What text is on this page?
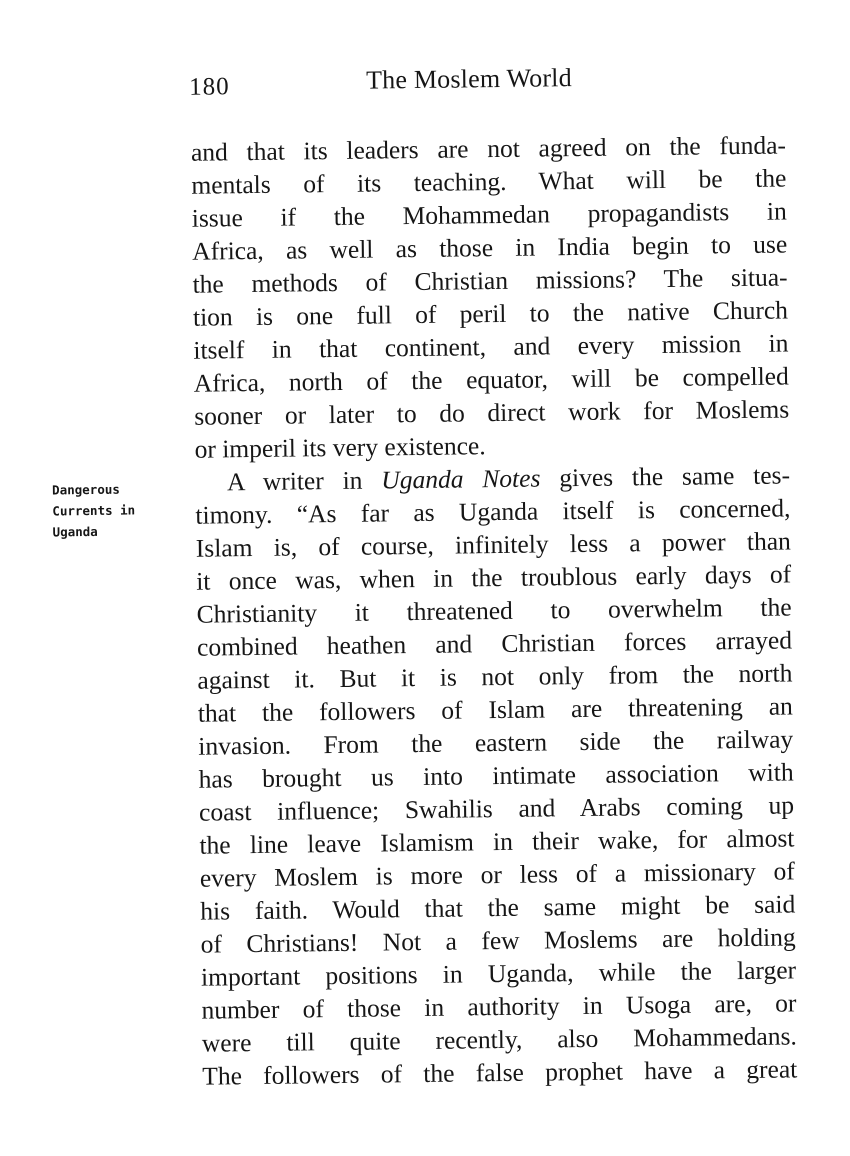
180	The Moslem World
Dangerous
Currents in
Uganda
and that its leaders are not agreed on the funda-
mentals of its teaching. What will be the
issue if the Mohammedan propagandists in
Africa, as well as those in India begin to use
the methods of Christian missions? The situa-
tion is one full of peril to the native Church
itself in that continent, and every mission in
Africa, north of the equator, will be compelled
sooner or later to do direct work for Moslems
or imperil its very existence.
A writer in Uganda Notes gives the same tes-
timony. “As far as Uganda itself is concerned,
Islam is, of course, infinitely less a power than
it once was, when in the troublous early days of
Christianity it threatened to overwhelm the
combined heathen and Christian forces arrayed
against it. But it is not only from the north
that the followers of Islam are threatening an
invasion. From the eastern side the railway
has brought us into intimate association with
coast influence; Swahilis and Arabs coming up
the line leave Islamism in their wake, for almost
every Moslem is more or less of a missionary of
his faith. Would that the same might be said
of Christians! Not a few Moslems are holding
important positions in Uganda, while the larger
number of those in authority in Usoga are, or
were till quite recently, also Mohammedans.
The followers of the false prophet have a great
